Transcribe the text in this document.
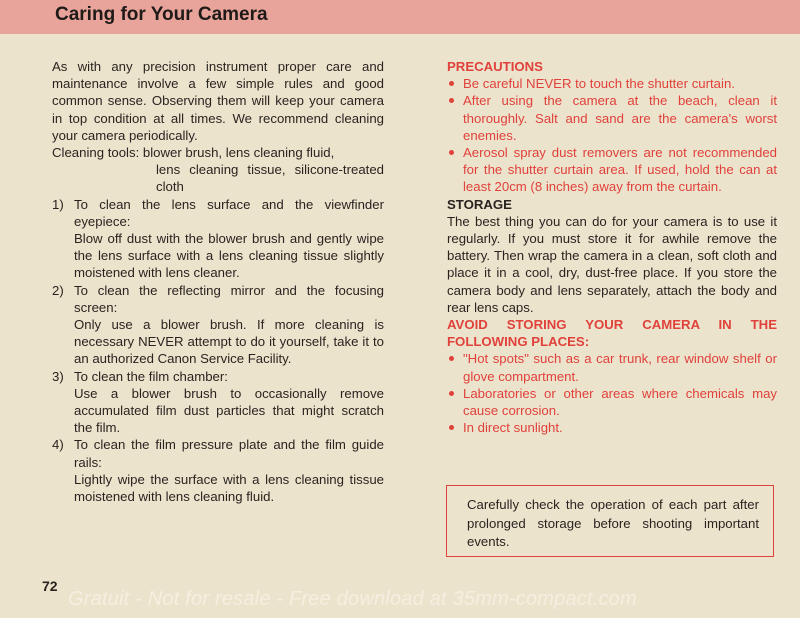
Caring for Your Camera

As with any precision instrument proper care and maintenance involve a few simple rules and good common sense. Observing them will keep your camera in top condition at all times. We recommend cleaning your camera periodically.

Cleaning tools: blower brush, lens cleaning fluid,

lens cleaning tissue, silicone-treated cloth

1) To clean the lens surface and the viewfinder eyepiece:

Blow off dust with the blower brush and gently wipe the lens surface with a lens cleaning tissue slightly moistened with lens cleaner.

2) To clean the reflecting mirror and the focusing screen:

Only use a blower brush. If more cleaning is necessary NEVER attempt to do it yourself, take it to an authorized Canon Service Facility.

3) To clean the film chamber:

Use a blower brush to occasionally remove accumulated film dust particles that might scratch the film.

4) To clean the film pressure plate and the film guide rails:

Lightly wipe the surface with a lens cleaning tissue moistened with lens cleaning fluid.

PRECAUTIONS

Be careful NEVER to touch the shutter curtain.
After using the camera at the beach, clean it thoroughly. Salt and sand are the camera's worst enemies.
Aerosol spray dust removers are not recommended for the shutter curtain area. If used, hold the can at least 20cm (8 inches) away from the curtain.

STORAGE

The best thing you can do for your camera is to use it regularly. If you must store it for awhile remove the battery. Then wrap the camera in a clean, soft cloth and place it in a cool, dry, dust-free place. If you store the camera body and lens separately, attach the body and rear lens caps.

AVOID STORING YOUR CAMERA IN THE FOLLOWING PLACES:

"Hot spots" such as a car trunk, rear window shelf or glove compartment.
Laboratories or other areas where chemicals may cause corrosion.
In direct sunlight.

Carefully check the operation of each part after prolonged storage before shooting important events.

72
Gratuit - Not for resale - Free download at 35mm-compact.com
